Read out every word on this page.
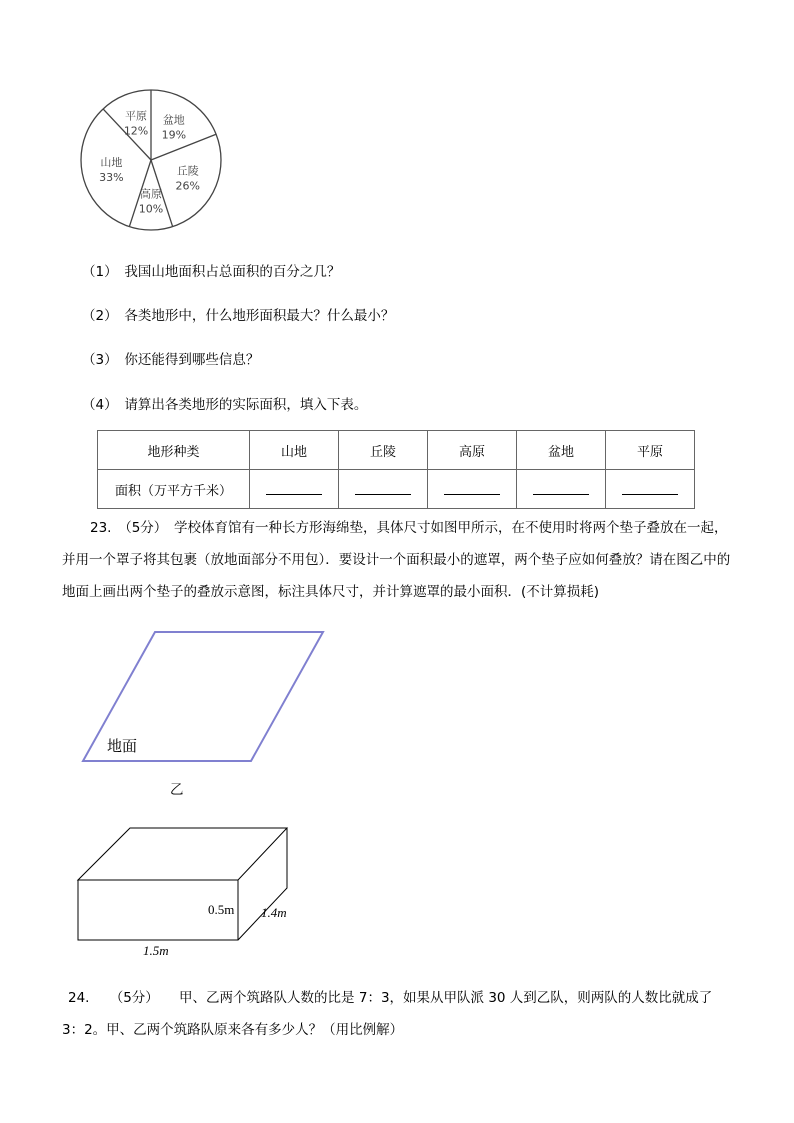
盆地
19%
丘陵
26%
高原
10%
山地
33%
平原
12%
（1）　我国山地面积占总面积的百分之几？
（2）　各类地形中，什么地形面积最大？什么最小？
（3）　你还能得到哪些信息？
（4）　请算出各类地形的实际面积，填入下表。
地形种类	山地	丘陵	高原	盆地	平原
面积（万平方千米）					
23.　（5分）　学校体育馆有一种长方形海绵垫，具体尺寸如图甲所示，在不使用时将两个垫子叠放在一起，
并用一个罩子将其包裹（放地面部分不用包）．要设计一个面积最小的遮罩，两个垫子应如何叠放？请在图乙中的
地面上画出两个垫子的叠放示意图，标注具体尺寸，并计算遮罩的最小面积．(不计算损耗)
地面
乙
0.5m 1.4m
1.5m
24.　　（5分）　　甲、乙两个筑路队人数的比是 7：3，如果从甲队派 30 人到乙队，则两队的人数比就成了
3：2。甲、乙两个筑路队原来各有多少人？（用比例解）
